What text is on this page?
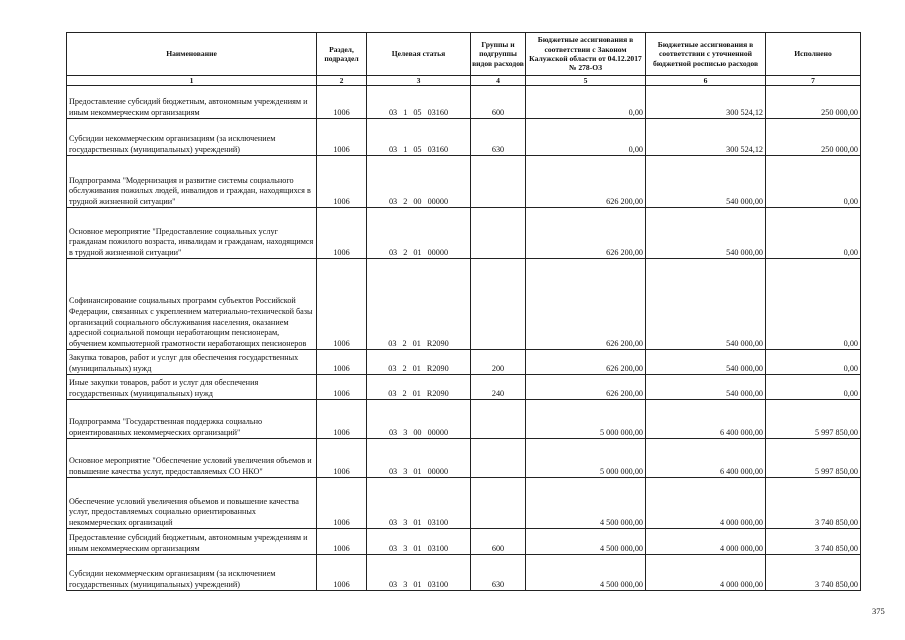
Наименование	Раздел, подраздел	Целевая статья	Группы и подгруппы видов расходов	Бюджетные ассигнования в соответствии с Законом Калужской области от 04.12.2017 № 278-ОЗ	Бюджетные ассигнования в соответствии с уточненной бюджетной росписью расходов	Исполнено
1	2	3	4	5	6	7
Предоставление субсидий бюджетным, автономным учреждениям и иным некоммерческим организациям	1006	03 1 05 03160	600	0,00	300 524,12	250 000,00
Субсидии некоммерческим организациям (за исключением государственных (муниципальных) учреждений)	1006	03 1 05 03160	630	0,00	300 524,12	250 000,00
Подпрограмма "Модернизация и развитие системы социального обслуживания пожилых людей, инвалидов и граждан, находящихся в трудной жизненной ситуации"	1006	03 2 00 00000		626 200,00	540 000,00	0,00
Основное мероприятие "Предоставление социальных услуг гражданам пожилого возраста, инвалидам и гражданам, находящимся в трудной жизненной ситуации"	1006	03 2 01 00000		626 200,00	540 000,00	0,00
Софинансирование социальных программ субъектов Российской Федерации, связанных с укреплением материально-технической базы организаций социального обслуживания населения, оказанием адресной социальной помощи неработающим пенсионерам, обучением компьютерной грамотности неработающих пенсионеров	1006	03 2 01 R2090		626 200,00	540 000,00	0,00
Закупка товаров, работ и услуг для обеспечения государственных (муниципальных) нужд	1006	03 2 01 R2090	200	626 200,00	540 000,00	0,00
Иные закупки товаров, работ и услуг для обеспечения государственных (муниципальных) нужд	1006	03 2 01 R2090	240	626 200,00	540 000,00	0,00
Подпрограмма "Государственная поддержка социально ориентированных некоммерческих организаций"	1006	03 3 00 00000		5 000 000,00	6 400 000,00	5 997 850,00
Основное мероприятие "Обеспечение условий увеличения объемов и повышение качества услуг, предоставляемых СО НКО"	1006	03 3 01 00000		5 000 000,00	6 400 000,00	5 997 850,00
Обеспечение условий увеличения объемов и повышение качества услуг, предоставляемых социально ориентированных некоммерческих организаций	1006	03 3 01 03100		4 500 000,00	4 000 000,00	3 740 850,00
Предоставление субсидий бюджетным, автономным учреждениям и иным некоммерческим организациям	1006	03 3 01 03100	600	4 500 000,00	4 000 000,00	3 740 850,00
Субсидии некоммерческим организациям (за исключением государственных (муниципальных) учреждений)	1006	03 3 01 03100	630	4 500 000,00	4 000 000,00	3 740 850,00
375
